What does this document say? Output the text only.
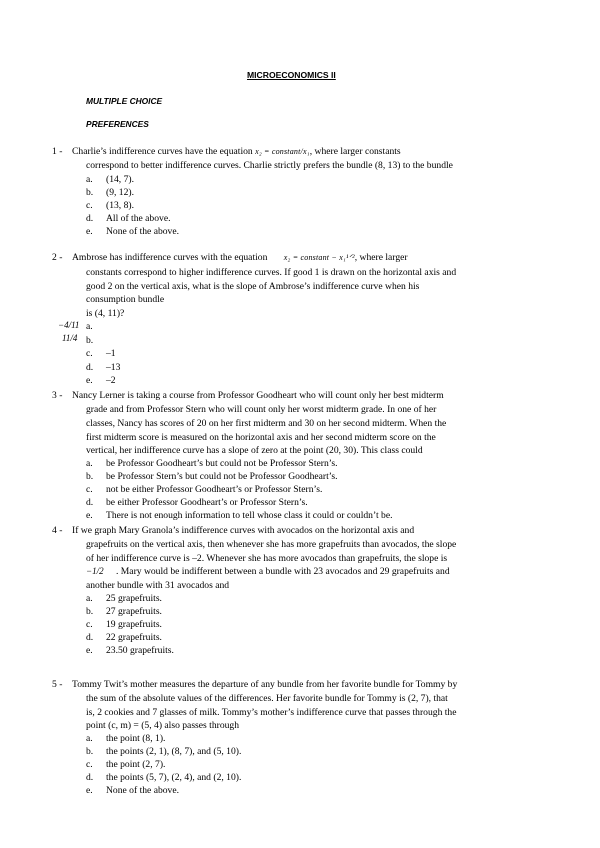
MICROECONOMICS II
MULTIPLE CHOICE
PREFERENCES
1 - Charlie’s indifference curves have the equation x₂ = constant/x₁, where larger constants
correspond to better indifference curves. Charlie strictly prefers the bundle (8, 13) to the bundle
a. (14, 7).
b. (9, 12).
c. (13, 8).
d. All of the above.
e. None of the above.
2 - Ambrose has indifference curves with the equation x₂ = constant − x₁¹ᐟ², where larger
constants correspond to higher indifference curves. If good 1 is drawn on the horizontal axis and
good 2 on the vertical axis, what is the slope of Ambrose’s indifference curve when his
consumption bundle
is (4, 11)?
−4/11
11/4
a.
b.
c. –1
d. –13
e. –2
3 - Nancy Lerner is taking a course from Professor Goodheart who will count only her best midterm
grade and from Professor Stern who will count only her worst midterm grade. In one of her
classes, Nancy has scores of 20 on her first midterm and 30 on her second midterm. When the
first midterm score is measured on the horizontal axis and her second midterm score on the
vertical, her indifference curve has a slope of zero at the point (20, 30). This class could
a. be Professor Goodheart’s but could not be Professor Stern’s.
b. be Professor Stern’s but could not be Professor Goodheart’s.
c. not be either Professor Goodheart’s or Professor Stern’s.
d. be either Professor Goodheart’s or Professor Stern’s.
e. There is not enough information to tell whose class it could or couldn’t be.
4 - If we graph Mary Granola’s indifference curves with avocados on the horizontal axis and
grapefruits on the vertical axis, then whenever she has more grapefruits than avocados, the slope
of her indifference curve is –2. Whenever she has more avocados than grapefruits, the slope is
−1/2 . Mary would be indifferent between a bundle with 23 avocados and 29 grapefruits and
another bundle with 31 avocados and
a. 25 grapefruits.
b. 27 grapefruits.
c. 19 grapefruits.
d. 22 grapefruits.
e. 23.50 grapefruits.
5 - Tommy Twit’s mother measures the departure of any bundle from her favorite bundle for Tommy by
the sum of the absolute values of the differences. Her favorite bundle for Tommy is (2, 7), that
is, 2 cookies and 7 glasses of milk. Tommy’s mother’s indifference curve that passes through the
point (c, m) = (5, 4) also passes through
a. the point (8, 1).
b. the points (2, 1), (8, 7), and (5, 10).
c. the point (2, 7).
d. the points (5, 7), (2, 4), and (2, 10).
e. None of the above.
